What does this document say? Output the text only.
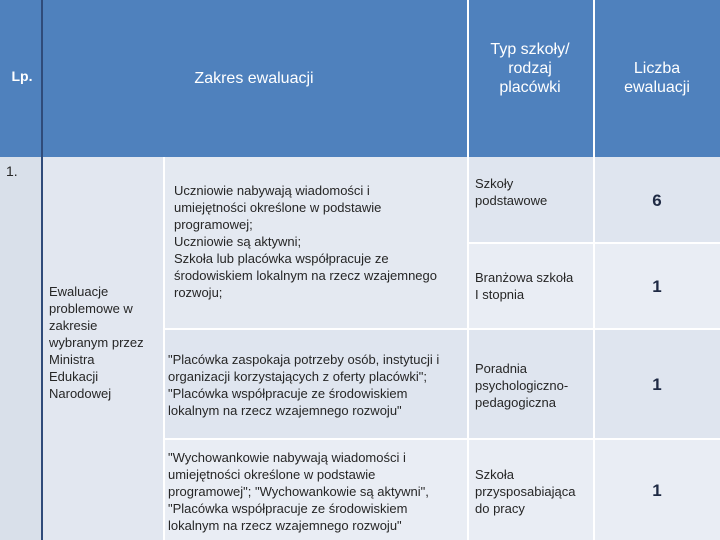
Lp.	Zakres ewaluacji
Typ szkoły/
rodzaj
placówki
Liczba
ewaluacji
1.
Ewaluacje
problemowe w
zakresie
wybranym przez
Ministra
Edukacji
Narodowej
Uczniowie nabywają wiadomości i
umiejętności określone w podstawie
programowej;
Uczniowie są aktywni;
Szkoła lub placówka współpracuje ze
środowiskiem lokalnym na rzecz wzajemnego
rozwoju;
"Placówka zaspokaja potrzeby osób, instytucji i
organizacji korzystających z oferty placówki";
"Placówka współpracuje ze środowiskiem
lokalnym na rzecz wzajemnego rozwoju"
"Wychowankowie nabywają wiadomości i
umiejętności określone w podstawie
programowej"; "Wychowankowie są aktywni",
"Placówka współpracuje ze środowiskiem
lokalnym na rzecz wzajemnego rozwoju"
Szkoły
podstawowe
Branżowa szkoła
I stopnia
Poradnia
psychologiczno-
pedagogiczna
Szkoła
przysposabiająca
do pracy
6
1
1
1
